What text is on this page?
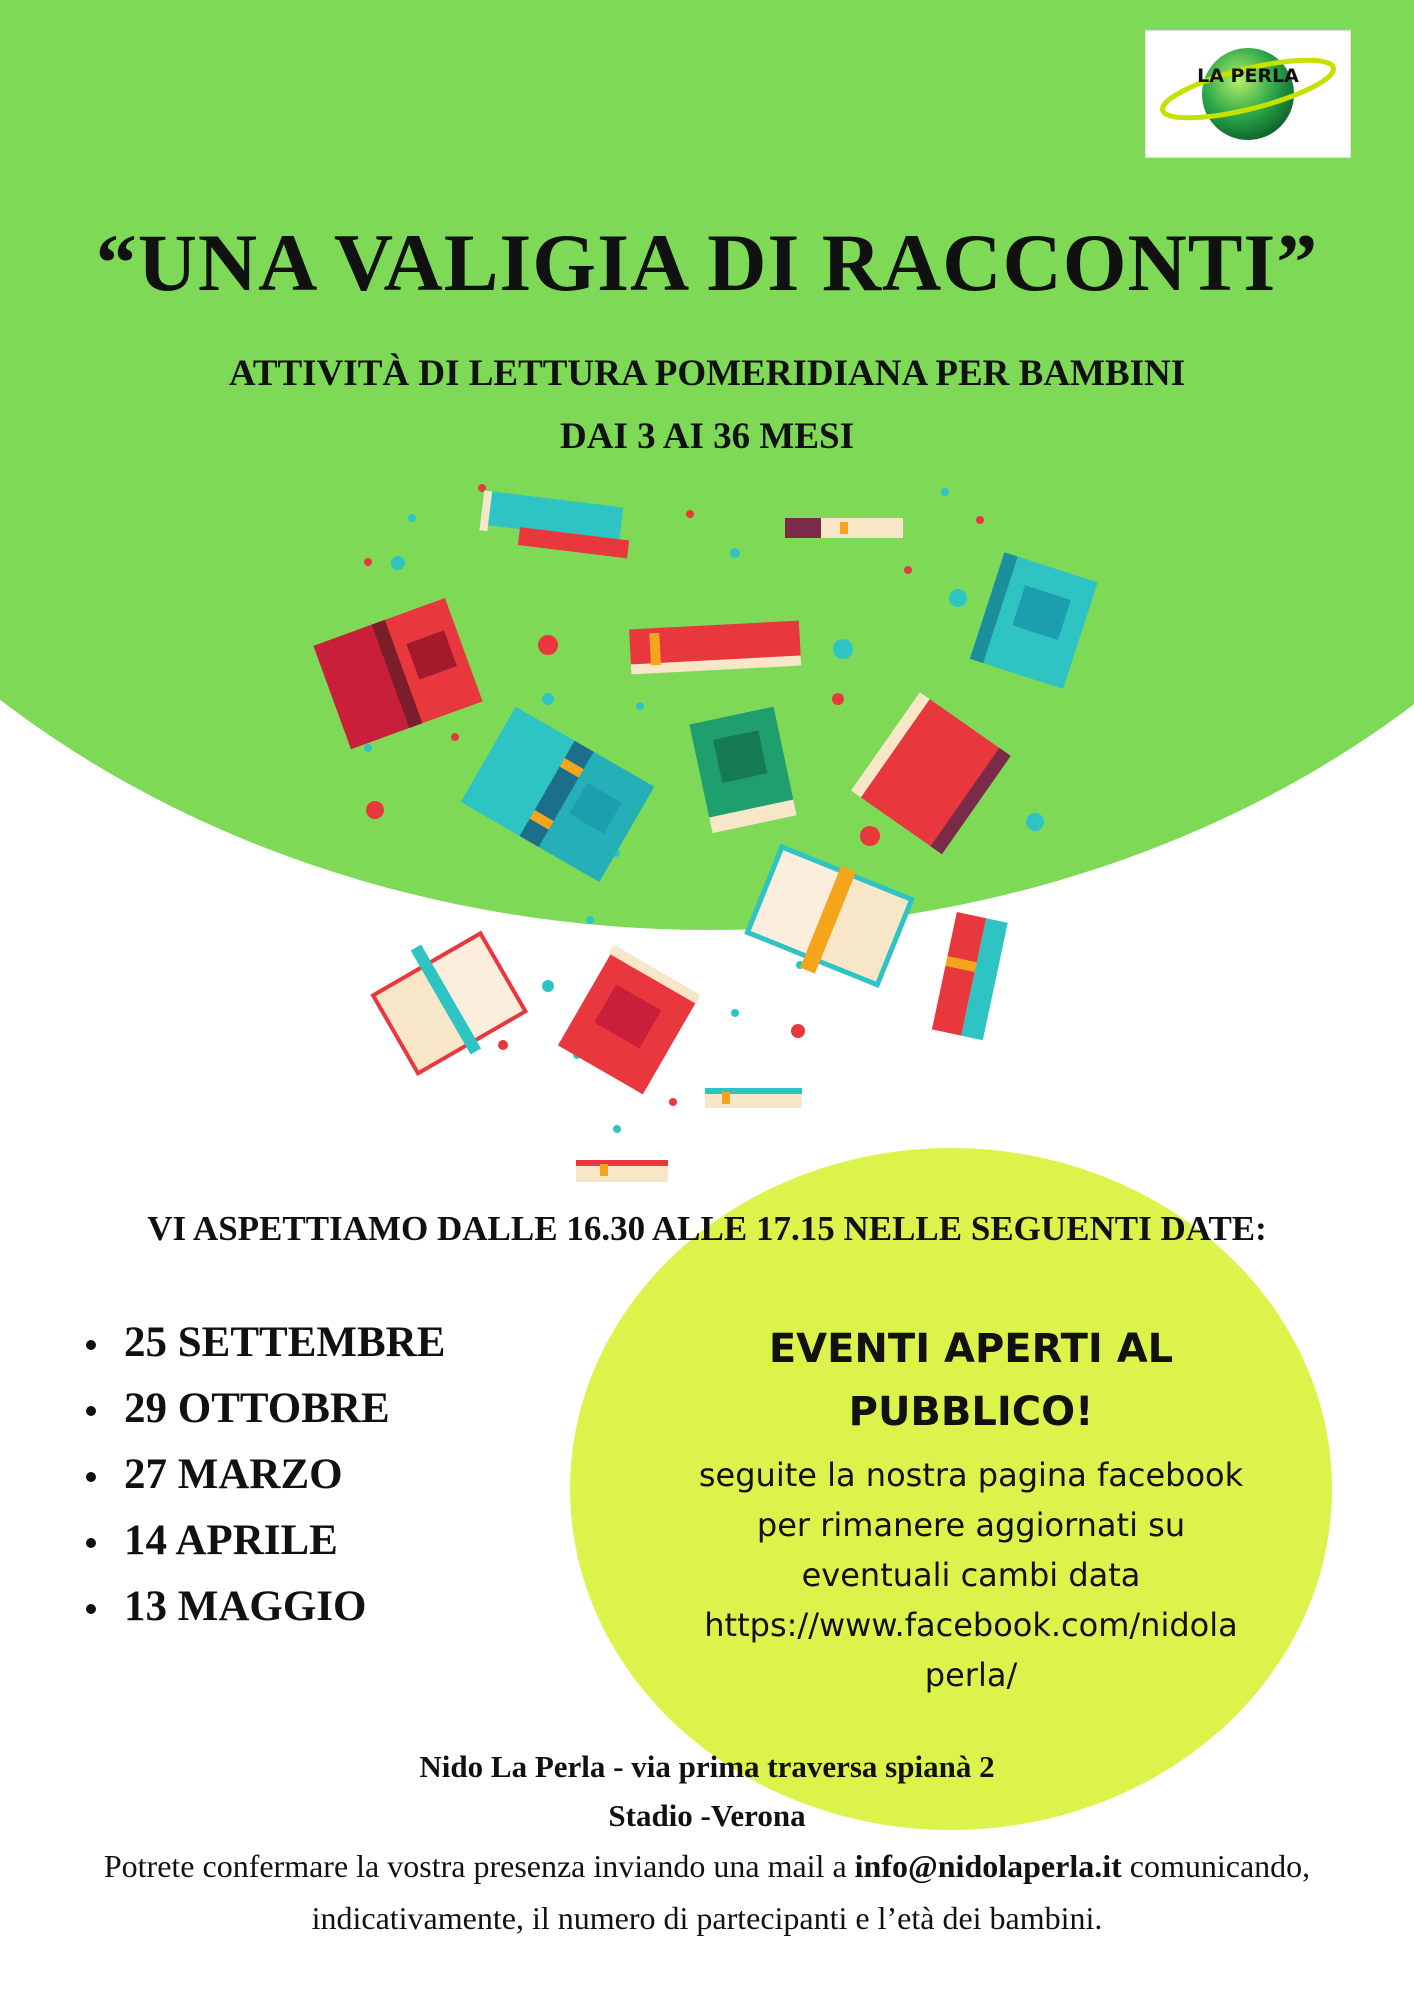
LA PERLA
“UNA VALIGIA DI RACCONTI”

ATTIVITÀ DI LETTURA POMERIDIANA PER BAMBINI

DAI 3 AI 36 MESI

VI ASPETTIAMO DALLE 16.30 ALLE 17.15 NELLE SEGUENTI DATE:

25 SETTEMBRE
29 OTTOBRE
27 MARZO
14 APRILE
13 MAGGIO
EVENTI APERTI AL
PUBBLICO!
seguite la nostra pagina facebook
per rimanere aggiornati su
eventuali cambi data
https://www.facebook.com/nidola
perla/

Nido La Perla - via prima traversa spianà 2

Stadio -Verona

Potrete confermare la vostra presenza inviando una mail a info@nidolaperla.it comunicando,
indicativamente, il numero di partecipanti e l’età dei bambini.
